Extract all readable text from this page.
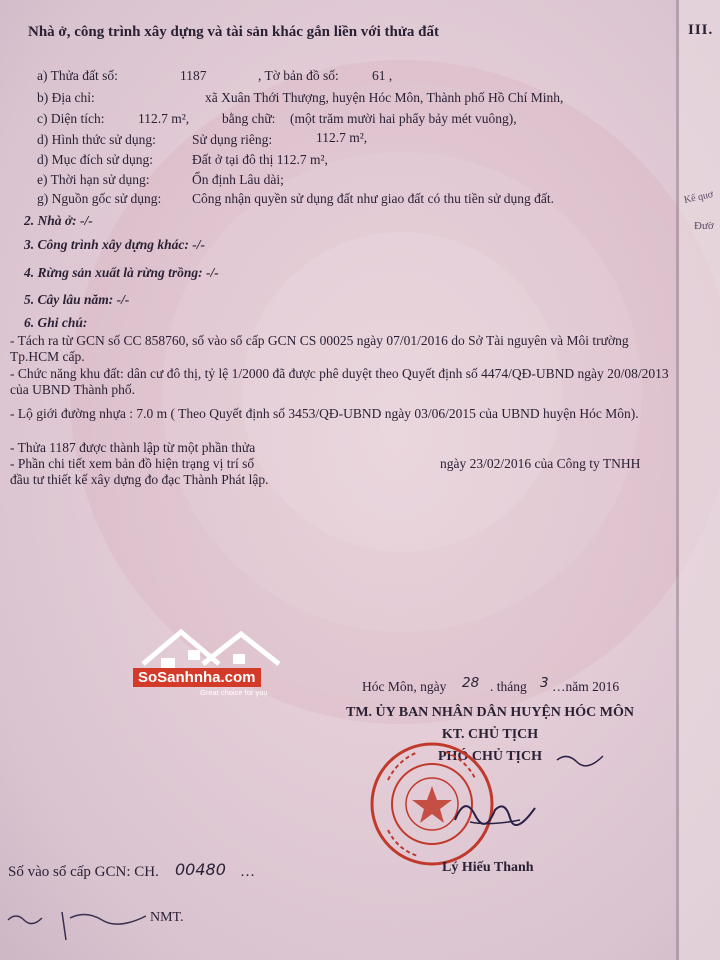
III.
Kế quơ
Đườ
Nhà ở, công trình xây dựng và tài sản khác gắn liền với thửa đất
a) Thửa đất số:	1187	, Tờ bản đồ số: 61 ,
b) Địa chỉ:	xã Xuân Thới Thượng, huyện Hóc Môn, Thành phố Hồ Chí Minh,
c) Diện tích: 112.7 m², bằng chữ: (một trăm mười hai phẩy bảy mét vuông),
d) Hình thức sử dụng:	Sử dụng riêng:	112.7 m²,
d) Mục đích sử dụng:	Đất ở tại đô thị 112.7 m²,
e) Thời hạn sử dụng:	Ổn định Lâu dài;
g) Nguồn gốc sử dụng: Công nhận quyền sử dụng đất như giao đất có thu tiền sử dụng đất.
2. Nhà ở: -/-
3. Công trình xây dựng khác: -/-
4. Rừng sản xuất là rừng trồng: -/-
5. Cây lâu năm: -/-
6. Ghi chú:
- Tách ra từ GCN số CC 858760, số vào sổ cấp GCN CS 00025 ngày 07/01/2016 do Sở Tài nguyên và Môi trường Tp.HCM cấp.
- Chức năng khu đất: dân cư đô thị, tỷ lệ 1/2000 đã được phê duyệt theo Quyết định số 4474/QĐ-UBND ngày 20/08/2013 của UBND Thành phố.
- Lộ giới đường nhựa : 7.0 m ( Theo Quyết định số 3453/QĐ-UBND ngày 03/06/2015 của UBND huyện Hóc Môn).
- Thửa 1187 được thành lập từ một phần thửa
- Phần chi tiết xem bản đồ hiện trạng vị trí số	ngày 23/02/2016 của Công ty TNHH đầu tư thiết kế xây dựng đo đạc Thành Phát lập.
SoSanhnha.com
Great choice for you	Hóc Môn, ngày 28 . tháng 3 …năm 2016
TM. ỦY BAN NHÂN DÂN HUYỆN HÓC MÔN
KT. CHỦ TỊCH
PHÓ CHỦ TỊCH
Lý Hiếu Thanh
Số vào sổ cấp GCN: CH. 00480 …
NMT.
